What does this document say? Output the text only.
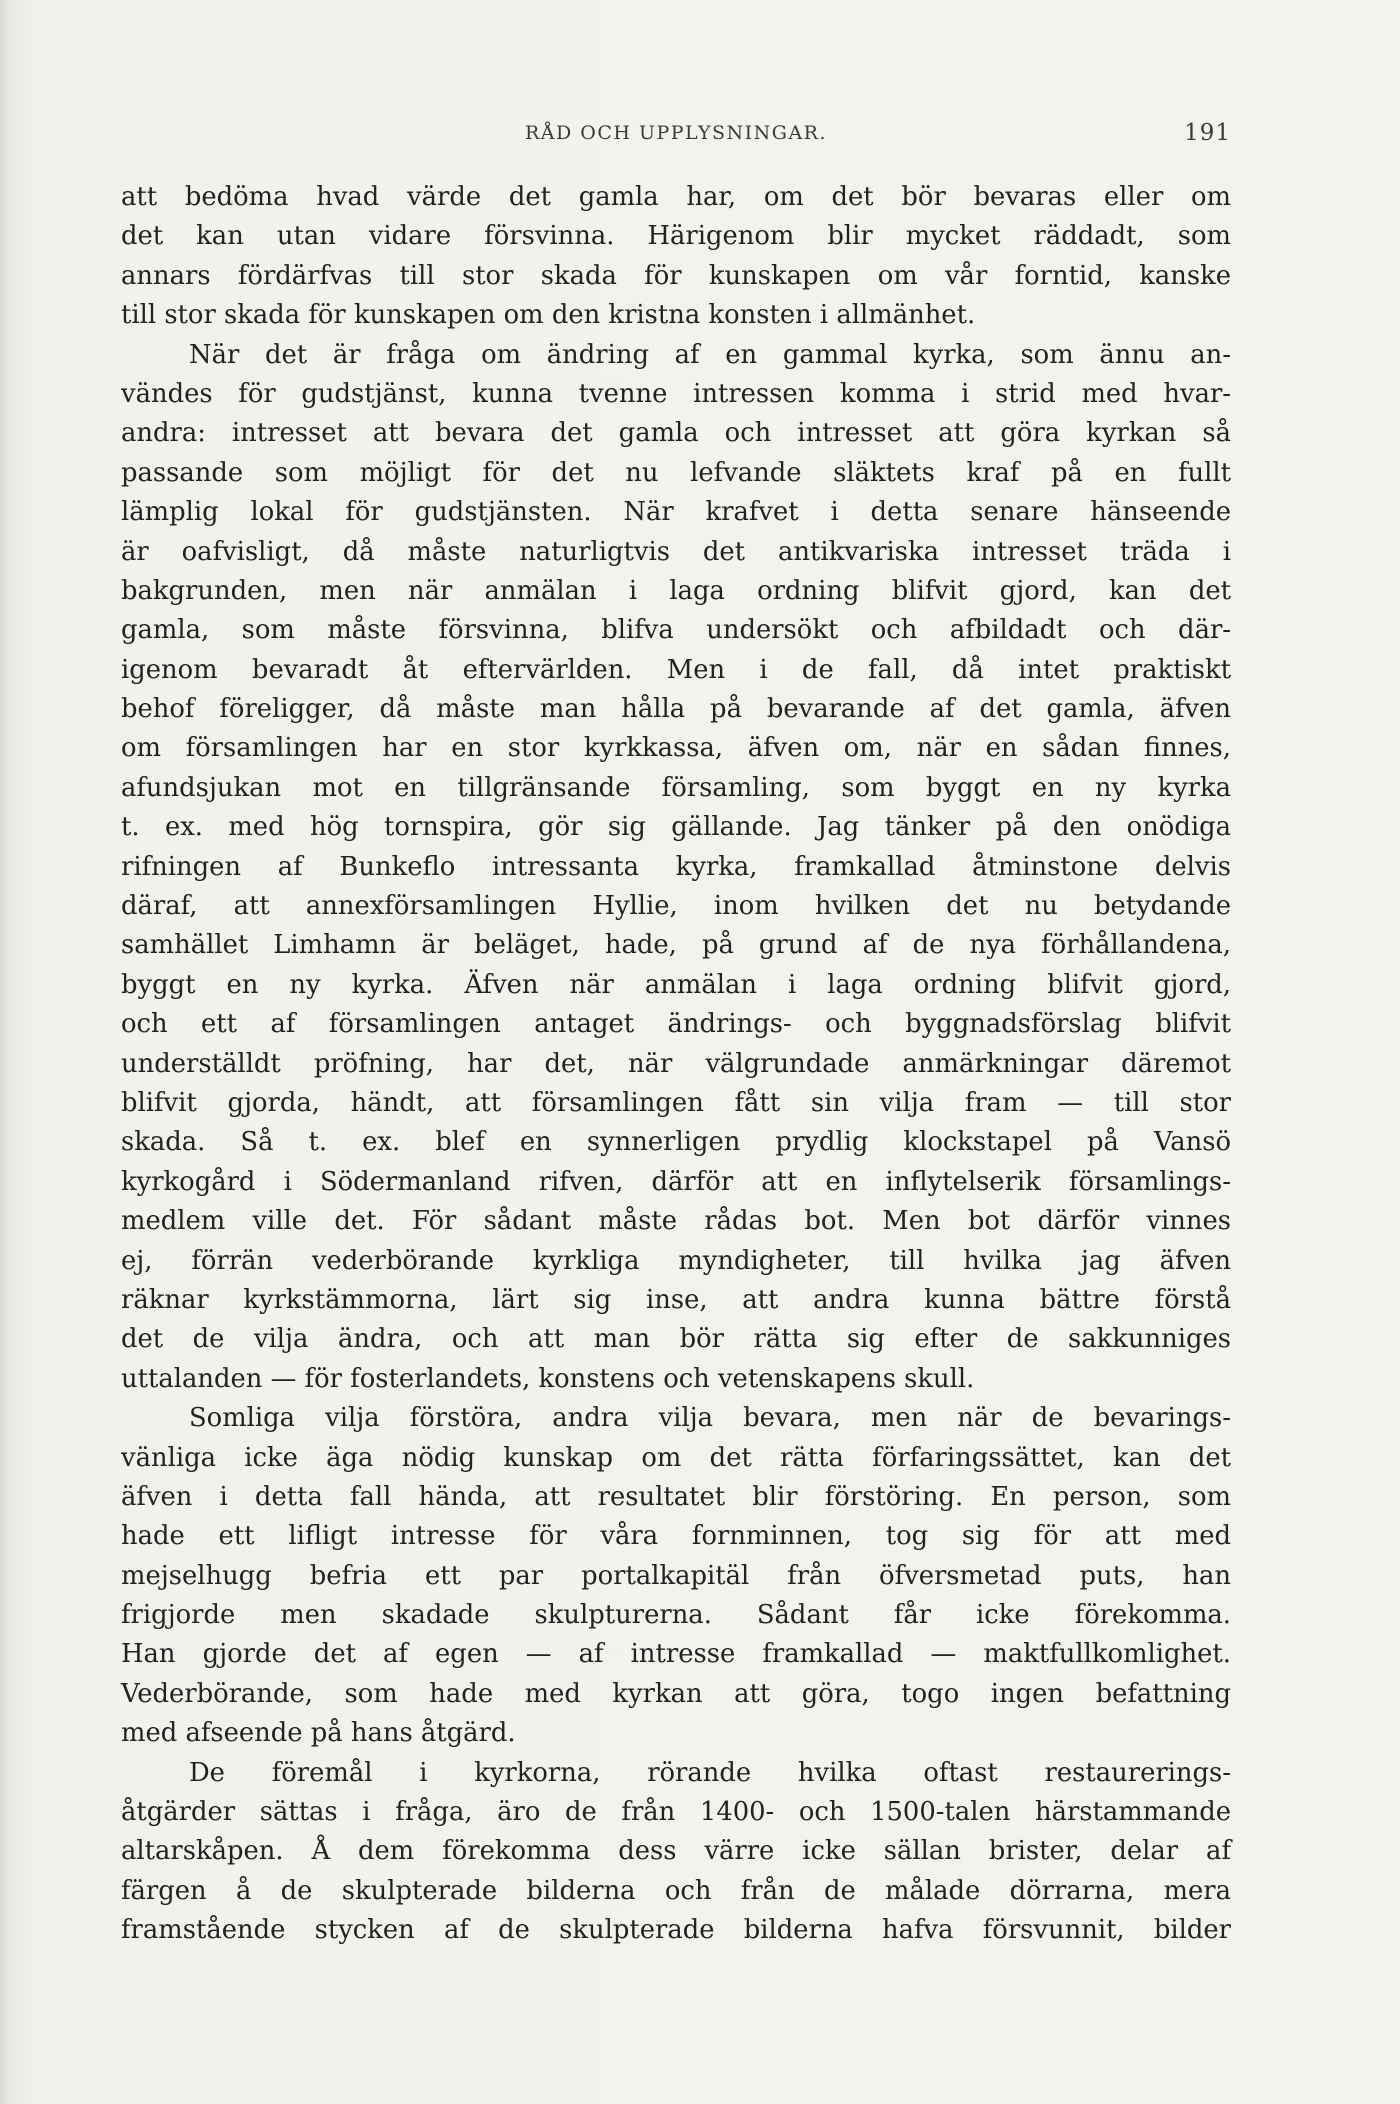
RÅD OCH UPPLYSNINGAR.	191
att bedöma hvad värde det gamla har, om det bör bevaras eller om
det kan utan vidare försvinna. Härigenom blir mycket räddadt, som
annars fördärfvas till stor skada för kunskapen om vår forntid, kanske
till stor skada för kunskapen om den kristna konsten i allmänhet.
När det är fråga om ändring af en gammal kyrka, som ännu an-
vändes för gudstjänst, kunna tvenne intressen komma i strid med hvar-
andra: intresset att bevara det gamla och intresset att göra kyrkan så
passande som möjligt för det nu lefvande släktets kraf på en fullt
lämplig lokal för gudstjänsten. När krafvet i detta senare hänseende
är oafvisligt, då måste naturligtvis det antikvariska intresset träda i
bakgrunden, men när anmälan i laga ordning blifvit gjord, kan det
gamla, som måste försvinna, blifva undersökt och afbildadt och där-
igenom bevaradt åt eftervärlden. Men i de fall, då intet praktiskt
behof föreligger, då måste man hålla på bevarande af det gamla, äfven
om församlingen har en stor kyrkkassa, äfven om, när en sådan finnes,
afundsjukan mot en tillgränsande församling, som byggt en ny kyrka
t. ex. med hög tornspira, gör sig gällande. Jag tänker på den onödiga
rifningen af Bunkeflo intressanta kyrka, framkallad åtminstone delvis
däraf, att annexförsamlingen Hyllie, inom hvilken det nu betydande
samhället Limhamn är beläget, hade, på grund af de nya förhållandena,
byggt en ny kyrka. Äfven när anmälan i laga ordning blifvit gjord,
och ett af församlingen antaget ändrings- och byggnadsförslag blifvit
underställdt pröfning, har det, när välgrundade anmärkningar däremot
blifvit gjorda, händt, att församlingen fått sin vilja fram — till stor
skada. Så t. ex. blef en synnerligen prydlig klockstapel på Vansö
kyrkogård i Södermanland rifven, därför att en inflytelserik församlings-
medlem ville det. För sådant måste rådas bot. Men bot därför vinnes
ej, förrän vederbörande kyrkliga myndigheter, till hvilka jag äfven
räknar kyrkstämmorna, lärt sig inse, att andra kunna bättre förstå
det de vilja ändra, och att man bör rätta sig efter de sakkunniges
uttalanden — för fosterlandets, konstens och vetenskapens skull.
Somliga vilja förstöra, andra vilja bevara, men när de bevarings-
vänliga icke äga nödig kunskap om det rätta förfaringssättet, kan det
äfven i detta fall hända, att resultatet blir förstöring. En person, som
hade ett lifligt intresse för våra fornminnen, tog sig för att med
mejselhugg befria ett par portalkapitäl från öfversmetad puts, han
frigjorde men skadade skulpturerna. Sådant får icke förekomma.
Han gjorde det af egen — af intresse framkallad — maktfullkomlighet.
Vederbörande, som hade med kyrkan att göra, togo ingen befattning
med afseende på hans åtgärd.
De föremål i kyrkorna, rörande hvilka oftast restaurerings-
åtgärder sättas i fråga, äro de från 1400- och 1500-talen härstammande
altarskåpen. Å dem förekomma dess värre icke sällan brister, delar af
färgen å de skulpterade bilderna och från de målade dörrarna, mera
framstående stycken af de skulpterade bilderna hafva försvunnit, bilder
